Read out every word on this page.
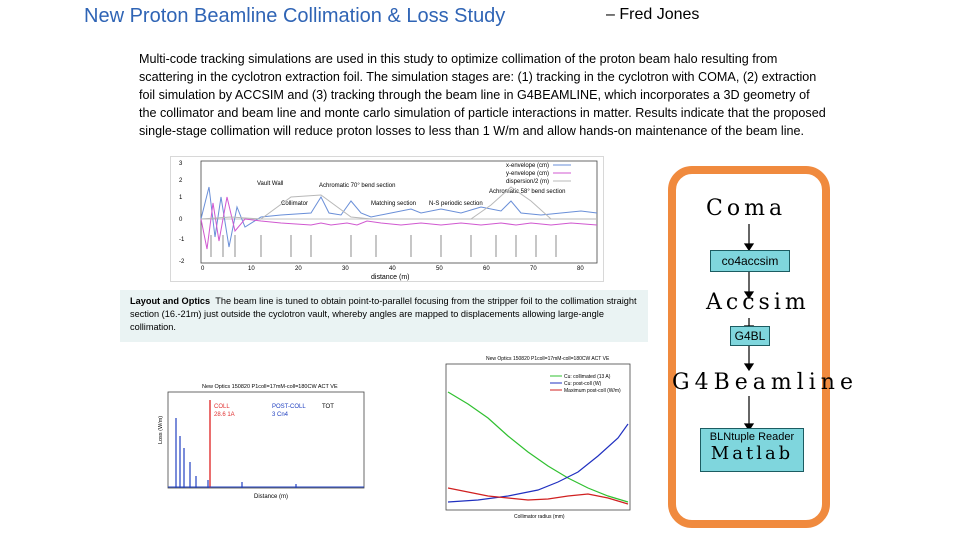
New Proton Beamline Collimation & Loss Study	– Fred Jones
Multi-code tracking simulations are used in this study to optimize collimation of the proton beam halo resulting from scattering in the cyclotron extraction foil. The simulation stages are: (1) tracking in the cyclotron with COMA, (2) extraction foil simulation by ACCSIM and (3) tracking through the beam line in G4BEAMLINE, which incorporates a 3D geometry of the collimator and beam line and monte carlo simulation of particle interactions in matter. Results indicate that the proposed single-stage collimation will reduce proton losses to less than 1 W/m and allow hands-on maintenance of the beam line.
3
2
1
0
-1
-2
0	10	20	30	40	50	60	70	80
distance (m)
Vault Wall	Achromatic 70° bend section
Collimator	Matching section N-S periodic section
Achromatic 58° bend section
x-envelope (cm)
y-envelope (cm)
dispersion/2 (m)
Layout and Optics The beam line is tuned to obtain point-to-parallel focusing from the stripper foil to the collimation straight section (16.-21m) just outside the cyclotron vault, whereby angles are mapped to displacements allowing large-angle collimation.
New Optics 150820 P1coll=17mM-coll=180CW ACT VE
Loss (W/m)
Distance (m)
COLL	POST-COLL	TOT
28.6 1A	3 Cn4
New Optics 150820 P1coll=17mM-coll=180CW ACT VE
Cu: collimated (13 A)
Cu: post-coll (W)
Maximum post-coll (W/m)
Collimator radius (mm)
Coma
co4accsim
Accsim
G4BL
G4Beamline
BLNtuple Reader
Matlab
